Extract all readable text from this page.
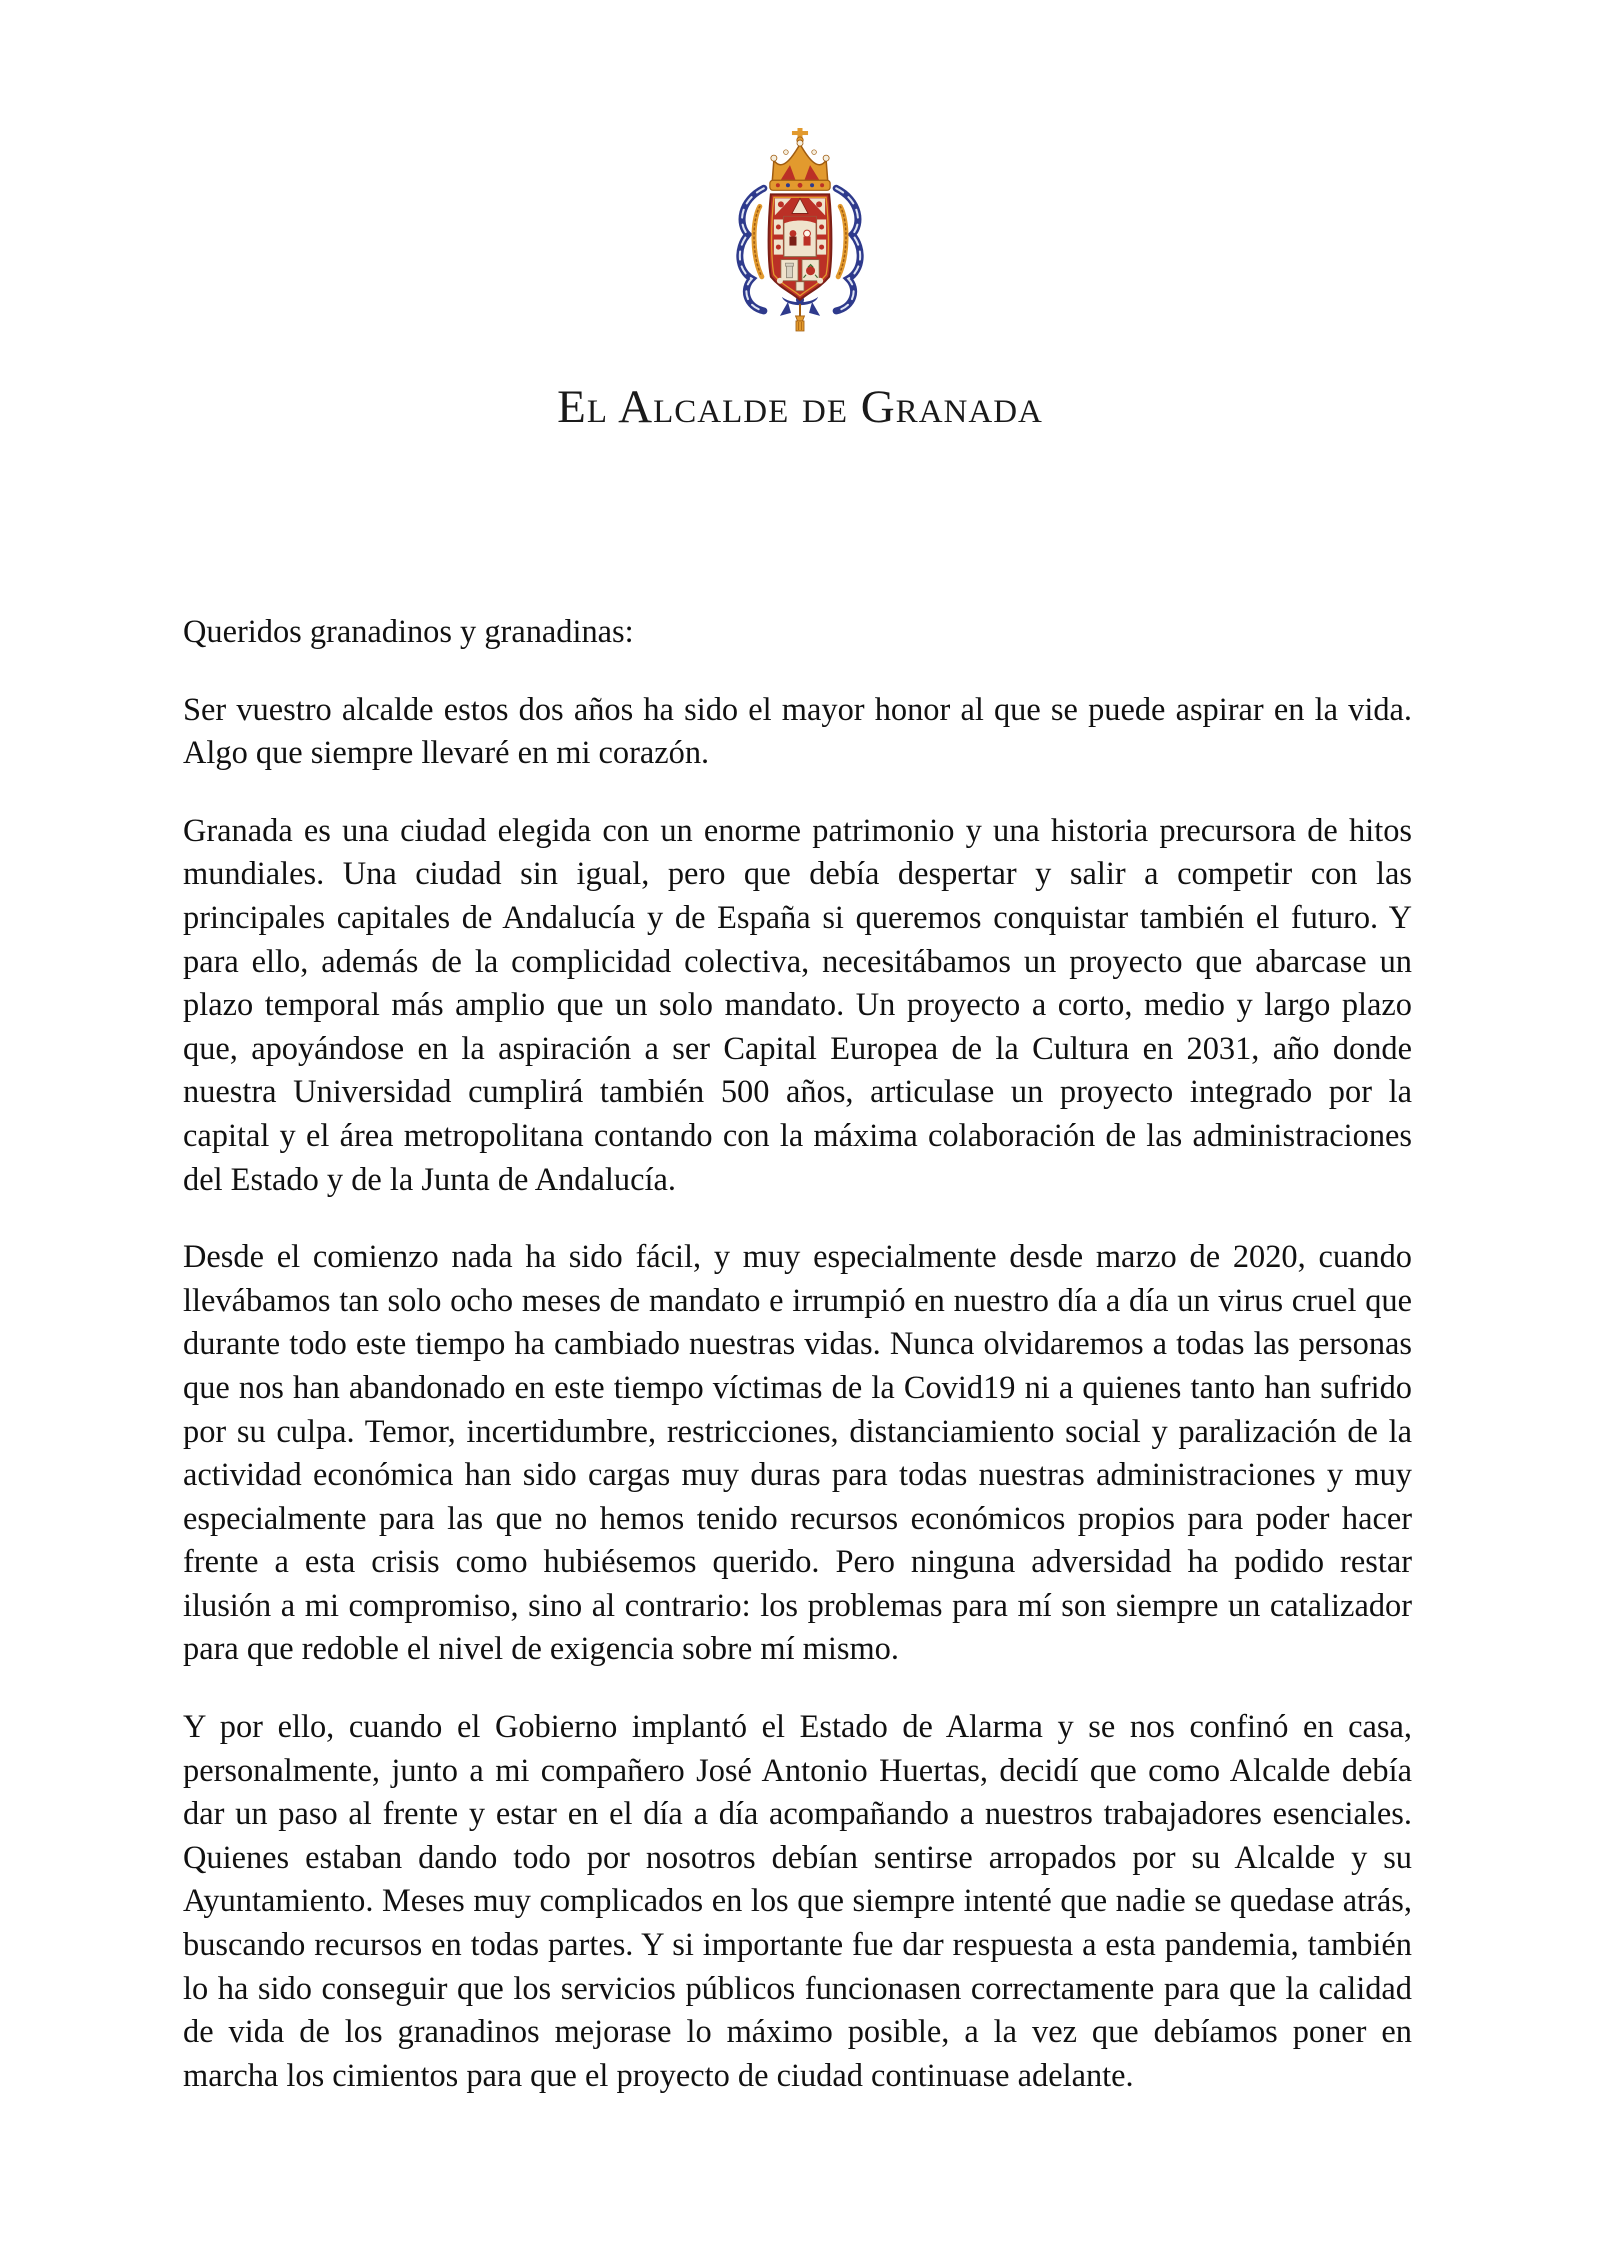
El Alcalde de Granada

Queridos granadinos y granadinas:

Ser vuestro alcalde estos dos años ha sido el mayor honor al que se puede aspirar en la vida. Algo que siempre llevaré en mi corazón.

Granada es una ciudad elegida con un enorme patrimonio y una historia precursora de hitos mundiales. Una ciudad sin igual, pero que debía despertar y salir a competir con las principales capitales de Andalucía y de España si queremos conquistar también el futuro. Y para ello, además de la complicidad colectiva, necesitábamos un proyecto que abarcase un plazo temporal más amplio que un solo mandato. Un proyecto a corto, medio y largo plazo que, apoyándose en la aspiración a ser Capital Europea de la Cultura en 2031, año donde nuestra Universidad cumplirá también 500 años, articulase un proyecto integrado por la capital y el área metropolitana contando con la máxima colaboración de las administraciones del Estado y de la Junta de Andalucía.

Desde el comienzo nada ha sido fácil, y muy especialmente desde marzo de 2020, cuando llevábamos tan solo ocho meses de mandato e irrumpió en nuestro día a día un virus cruel que durante todo este tiempo ha cambiado nuestras vidas. Nunca olvidaremos a todas las personas que nos han abandonado en este tiempo víctimas de la Covid19 ni a quienes tanto han sufrido por su culpa. Temor, incertidumbre, restricciones, distanciamiento social y paralización de la actividad económica han sido cargas muy duras para todas nuestras administraciones y muy especialmente para las que no hemos tenido recursos económicos propios para poder hacer frente a esta crisis como hubiésemos querido. Pero ninguna adversidad ha podido restar ilusión a mi compromiso, sino al contrario: los problemas para mí son siempre un catalizador para que redoble el nivel de exigencia sobre mí mismo.

Y por ello, cuando el Gobierno implantó el Estado de Alarma y se nos confinó en casa, personalmente, junto a mi compañero José Antonio Huertas, decidí que como Alcalde debía dar un paso al frente y estar en el día a día acompañando a nuestros trabajadores esenciales. Quienes estaban dando todo por nosotros debían sentirse arropados por su Alcalde y su Ayuntamiento. Meses muy complicados en los que siempre intenté que nadie se quedase atrás, buscando recursos en todas partes. Y si importante fue dar respuesta a esta pandemia, también lo ha sido conseguir que los servicios públicos funcionasen correctamente para que la calidad de vida de los granadinos mejorase lo máximo posible, a la vez que debíamos poner en marcha los cimientos para que el proyecto de ciudad continuase adelante.
